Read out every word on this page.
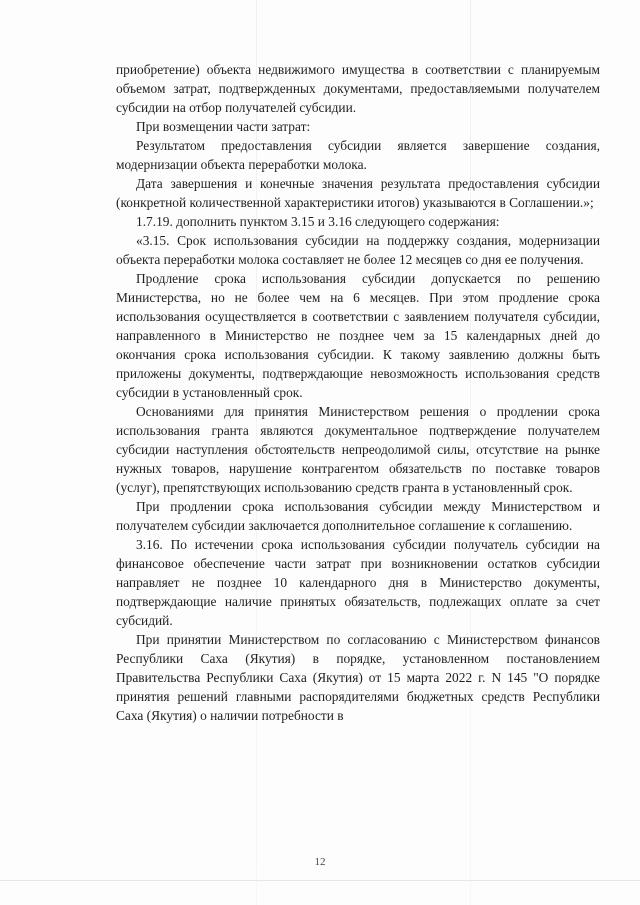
приобретение) объекта недвижимого имущества в соответствии с планируемым объемом затрат, подтвержденных документами, предоставляемыми получателем субсидии на отбор получателей субсидии.

При возмещении части затрат:

Результатом предоставления субсидии является завершение создания, модернизации объекта переработки молока.

Дата завершения и конечные значения результата предоставления субсидии (конкретной количественной характеристики итогов) указываются в Соглашении.»;

1.7.19. дополнить пунктом 3.15 и 3.16 следующего содержания:

«3.15. Срок использования субсидии на поддержку создания, модернизации объекта переработки молока составляет не более 12 месяцев со дня ее получения.

Продление срока использования субсидии допускается по решению Министерства, но не более чем на 6 месяцев. При этом продление срока использования осуществляется в соответствии с заявлением получателя субсидии, направленного в Министерство не позднее чем за 15 календарных дней до окончания срока использования субсидии. К такому заявлению должны быть приложены документы, подтверждающие невозможность использования средств субсидии в установленный срок.

Основаниями для принятия Министерством решения о продлении срока использования гранта являются документальное подтверждение получателем субсидии наступления обстоятельств непреодолимой силы, отсутствие на рынке нужных товаров, нарушение контрагентом обязательств по поставке товаров (услуг), препятствующих использованию средств гранта в установленный срок.

При продлении срока использования субсидии между Министерством и получателем субсидии заключается дополнительное соглашение к соглашению.

3.16. По истечении срока использования субсидии получатель субсидии на финансовое обеспечение части затрат при возникновении остатков субсидии направляет не позднее 10 календарного дня в Министерство документы, подтверждающие наличие принятых обязательств, подлежащих оплате за счет субсидий.

При принятии Министерством по согласованию с Министерством финансов Республики Саха (Якутия) в порядке, установленном постановлением Правительства Республики Саха (Якутия) от 15 марта 2022 г. N 145 "О порядке принятия решений главными распорядителями бюджетных средств Республики Саха (Якутия) о наличии потребности в

12
